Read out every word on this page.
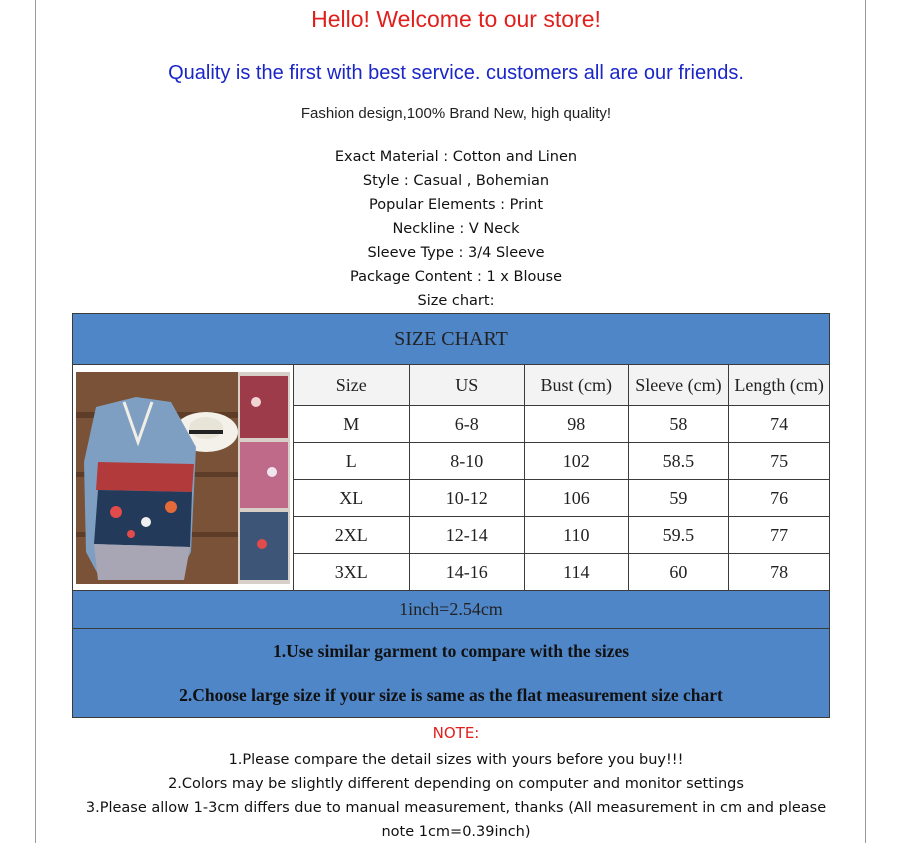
Hello! Welcome to our store!
Quality is the first with best service. customers all are our friends.
Fashion design,100% Brand New, high quality!
Exact Material : Cotton and Linen
Style : Casual , Bohemian
Popular Elements : Print
Neckline : V Neck
Sleeve Type : 3/4 Sleeve
Package Content : 1 x Blouse
Size chart:
SIZE CHART					

	Size	US	Bust (cm)	Sleeve (cm)	Length (cm)
	M	6-8	98	58	74
	L	8-10	102	58.5	75
	XL	10-12	106	59	76
	2XL	12-14	110	59.5	77
	3XL	14-16	114	60	78
1inch=2.54cm					

1.Use similar garment to compare with the sizes
2.Choose large size if your size is same as the flat measurement size chart					
NOTE:
1.Please compare the detail sizes with yours before you buy!!!
2.Colors may be slightly different depending on computer and monitor settings
3.Please allow 1-3cm differs due to manual measurement, thanks (All measurement in cm and please note 1cm=0.39inch)
